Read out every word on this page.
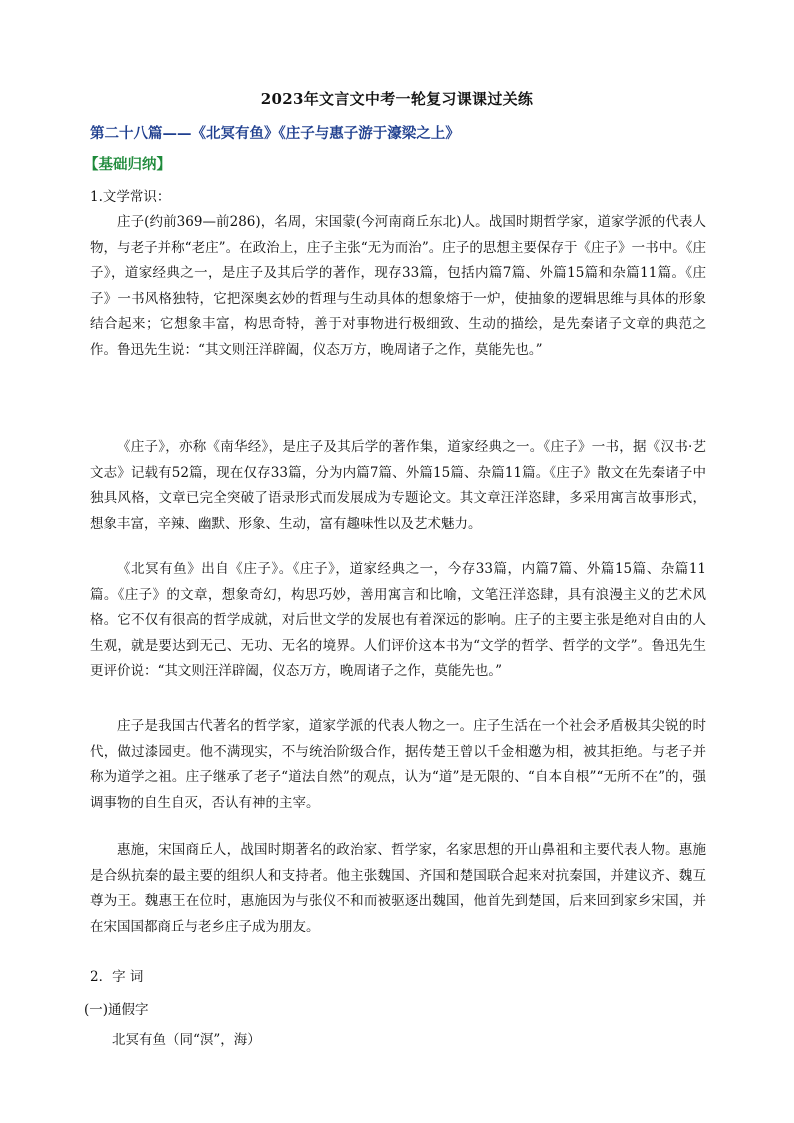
2023年文言文中考一轮复习课课过关练
第二十八篇——《北冥有鱼》《庄子与惠子游于濠梁之上》
【基础归纳】
1.文学常识：

庄子(约前369—前286)，名周，宋国蒙(今河南商丘东北)人。战国时期哲学家，道家学派的代表人物，与老子并称“老庄”。在政治上，庄子主张“无为而治”。庄子的思想主要保存于《庄子》一书中。《庄子》，道家经典之一，是庄子及其后学的著作，现存33篇，包括内篇7篇、外篇15篇和杂篇11篇。《庄子》一书风格独特，它把深奥玄妙的哲理与生动具体的想象熔于一炉，使抽象的逻辑思维与具体的形象结合起来；它想象丰富，构思奇特，善于对事物进行极细致、生动的描绘，是先秦诸子文章的典范之作。鲁迅先生说：“其文则汪洋辟阖，仪态万方，晚周诸子之作，莫能先也。”

《庄子》，亦称《南华经》，是庄子及其后学的著作集，道家经典之一。《庄子》一书，据《汉书·艺文志》记载有52篇，现在仅存33篇，分为内篇7篇、外篇15篇、杂篇11篇。《庄子》散文在先秦诸子中独具风格，文章已完全突破了语录形式而发展成为专题论文。其文章汪洋恣肆，多采用寓言故事形式，想象丰富，辛辣、幽默、形象、生动，富有趣味性以及艺术魅力。

《北冥有鱼》出自《庄子》。《庄子》，道家经典之一，今存33篇，内篇7篇、外篇15篇、杂篇11篇。《庄子》的文章，想象奇幻，构思巧妙，善用寓言和比喻，文笔汪洋恣肆，具有浪漫主义的艺术风格。它不仅有很高的哲学成就，对后世文学的发展也有着深远的影响。庄子的主要主张是绝对自由的人生观，就是要达到无己、无功、无名的境界。人们评价这本书为“文学的哲学、哲学的文学”。鲁迅先生更评价说：“其文则汪洋辟阖，仪态万方，晚周诸子之作，莫能先也。”

庄子是我国古代著名的哲学家，道家学派的代表人物之一。庄子生活在一个社会矛盾极其尖锐的时代，做过漆园吏。他不满现实，不与统治阶级合作，据传楚王曾以千金相邀为相，被其拒绝。与老子并称为道学之祖。庄子继承了老子“道法自然”的观点，认为“道”是无限的、“自本自根”“无所不在”的，强调事物的自生自灭，否认有神的主宰。

惠施，宋国商丘人，战国时期著名的政治家、哲学家，名家思想的开山鼻祖和主要代表人物。惠施是合纵抗秦的最主要的组织人和支持者。他主张魏国、齐国和楚国联合起来对抗秦国，并建议齐、魏互尊为王。魏惠王在位时，惠施因为与张仪不和而被驱逐出魏国，他首先到楚国，后来回到家乡宋国，并在宋国国都商丘与老乡庄子成为朋友。

2．字 词
(一)通假字
北冥有鱼（同“溟”，海）
